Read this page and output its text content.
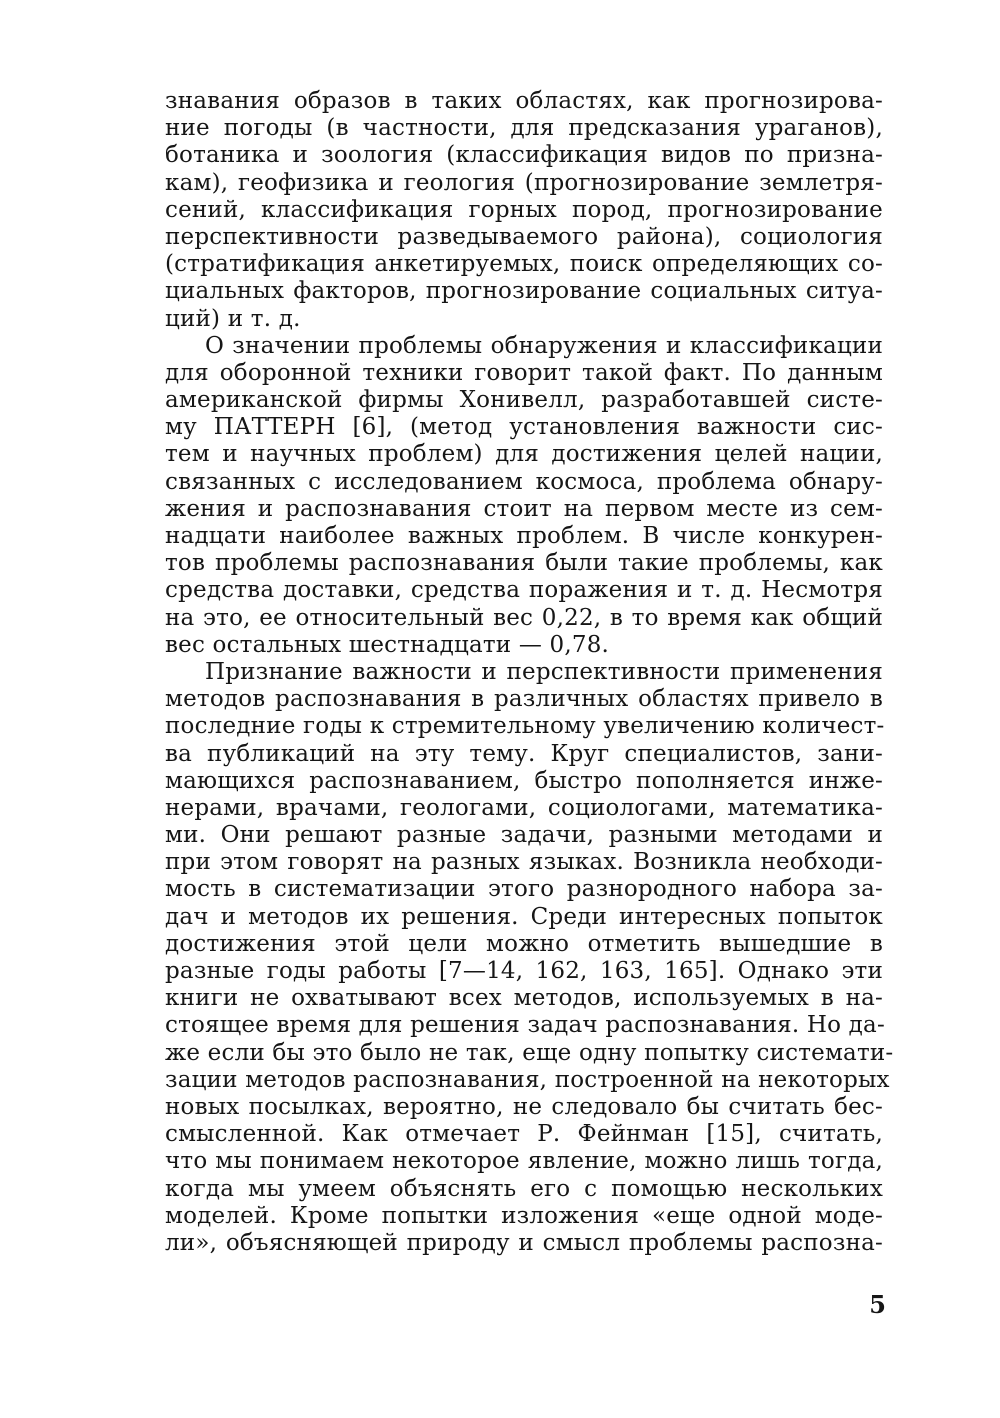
знавания образов в таких областях, как прогнозирова-
ние погоды (в частности, для предсказания ураганов),
ботаника и зоология (классификация видов по призна-
кам), геофизика и геология (прогнозирование землетря-
сений, классификация горных пород, прогнозирование
перспективности разведываемого района), социология
(стратификация анкетируемых, поиск определяющих со-
циальных факторов, прогнозирование социальных ситуа-
ций) и т. д.
О значении проблемы обнаружения и классификации
для оборонной техники говорит такой факт. По данным
американской фирмы Хонивелл, разработавшей систе-
му ПАТТЕРН [6], (метод установления важности сис-
тем и научных проблем) для достижения целей нации,
связанных с исследованием космоса, проблема обнару-
жения и распознавания стоит на первом месте из сем-
надцати наиболее важных проблем. В числе конкурен-
тов проблемы распознавания были такие проблемы, как
средства доставки, средства поражения и т. д. Несмотря
на это, ее относительный вес 0,22, в то время как общий
вес остальных шестнадцати — 0,78.
Признание важности и перспективности применения
методов распознавания в различных областях привело в
последние годы к стремительному увеличению количест-
ва публикаций на эту тему. Круг специалистов, зани-
мающихся распознаванием, быстро пополняется инже-
нерами, врачами, геологами, социологами, математика-
ми. Они решают разные задачи, разными методами и
при этом говорят на разных языках. Возникла необходи-
мость в систематизации этого разнородного набора за-
дач и методов их решения. Среди интересных попыток
достижения этой цели можно отметить вышедшие в
разные годы работы [7—14, 162, 163, 165]. Однако эти
книги не охватывают всех методов, используемых в на-
стоящее время для решения задач распознавания. Но да-
же если бы это было не так, еще одну попытку системати-
зации методов распознавания, построенной на некоторых
новых посылках, вероятно, не следовало бы считать бес-
смысленной. Как отмечает Р. Фейнман [15], считать,
что мы понимаем некоторое явление, можно лишь тогда,
когда мы умеем объяснять его с помощью нескольких
моделей. Кроме попытки изложения «еще одной моде-
ли», объясняющей природу и смысл проблемы распозна-
5
